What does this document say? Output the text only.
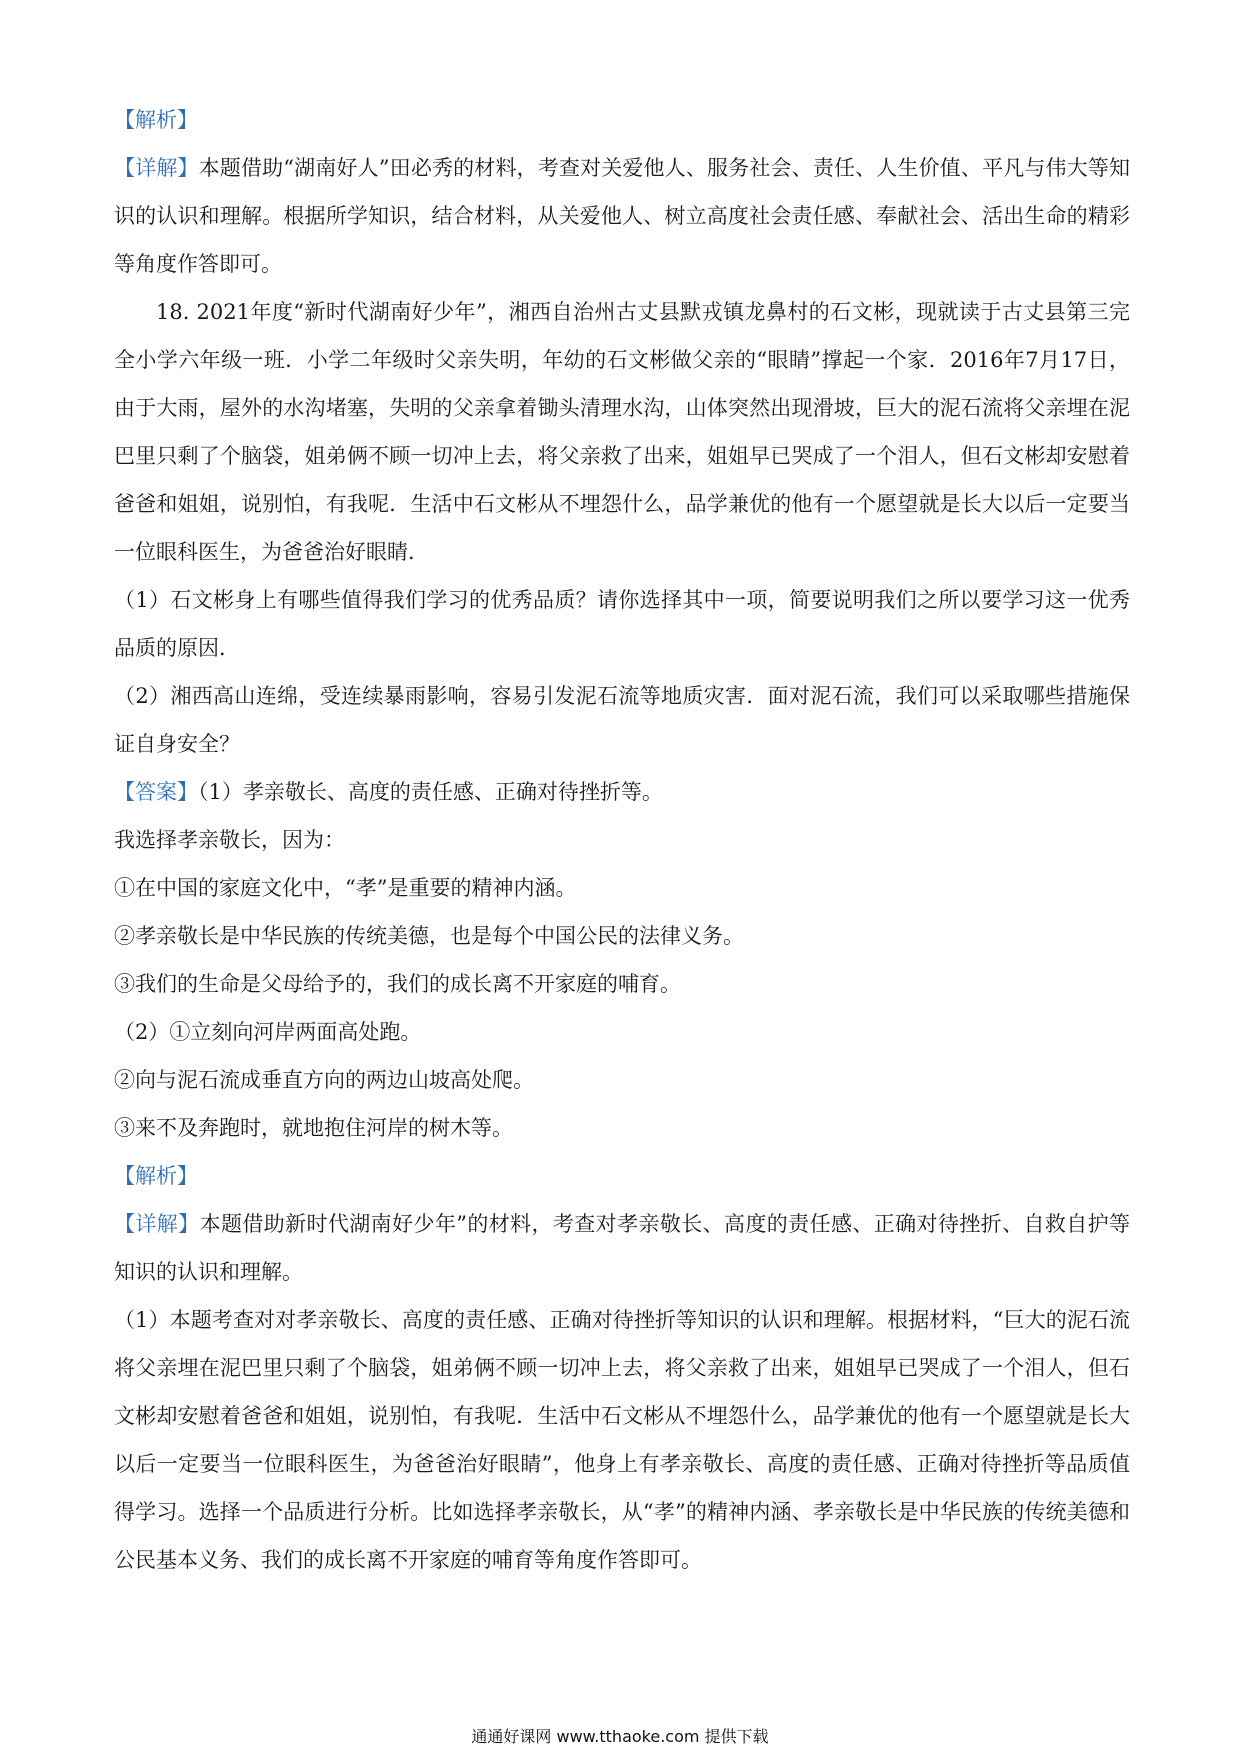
【解析】
【详解】本题借助“湖南好人”田必秀的材料，考查对关爱他人、服务社会、责任、人生价值、平凡与伟大等知识的认识和理解。根据所学知识，结合材料，从关爱他人、树立高度社会责任感、奉献社会、活出生命的精彩等角度作答即可。
18. 2021年度“新时代湖南好少年”，湘西自治州古丈县默戎镇龙鼻村的石文彬，现就读于古丈县第三完全小学六年级一班．小学二年级时父亲失明，年幼的石文彬做父亲的“眼睛”撑起一个家．2016年7月17日，由于大雨，屋外的水沟堵塞，失明的父亲拿着锄头清理水沟，山体突然出现滑坡，巨大的泥石流将父亲埋在泥巴里只剩了个脑袋，姐弟俩不顾一切冲上去，将父亲救了出来，姐姐早已哭成了一个泪人，但石文彬却安慰着爸爸和姐姐，说别怕，有我呢．生活中石文彬从不埋怨什么，品学兼优的他有一个愿望就是长大以后一定要当一位眼科医生，为爸爸治好眼睛．
（1）石文彬身上有哪些值得我们学习的优秀品质？请你选择其中一项，简要说明我们之所以要学习这一优秀品质的原因．
（2）湘西高山连绵，受连续暴雨影响，容易引发泥石流等地质灾害．面对泥石流，我们可以采取哪些措施保证自身安全？
【答案】（1）孝亲敬长、高度的责任感、正确对待挫折等。
我选择孝亲敬长，因为：
①在中国的家庭文化中，“孝”是重要的精神内涵。
②孝亲敬长是中华民族的传统美德，也是每个中国公民的法律义务。
③我们的生命是父母给予的，我们的成长离不开家庭的哺育。
（2）①立刻向河岸两面高处跑。
②向与泥石流成垂直方向的两边山坡高处爬。
③来不及奔跑时，就地抱住河岸的树木等。
【解析】
【详解】本题借助新时代湖南好少年”的材料，考查对孝亲敬长、高度的责任感、正确对待挫折、自救自护等知识的认识和理解。
（1）本题考查对对孝亲敬长、高度的责任感、正确对待挫折等知识的认识和理解。根据材料，“巨大的泥石流将父亲埋在泥巴里只剩了个脑袋，姐弟俩不顾一切冲上去，将父亲救了出来，姐姐早已哭成了一个泪人，但石文彬却安慰着爸爸和姐姐，说别怕，有我呢．生活中石文彬从不埋怨什么，品学兼优的他有一个愿望就是长大以后一定要当一位眼科医生，为爸爸治好眼睛”，他身上有孝亲敬长、高度的责任感、正确对待挫折等品质值得学习。选择一个品质进行分析。比如选择孝亲敬长，从“孝”的精神内涵、孝亲敬长是中华民族的传统美德和公民基本义务、我们的成长离不开家庭的哺育等角度作答即可。
通通好课网 www.tthaoke.com 提供下载
